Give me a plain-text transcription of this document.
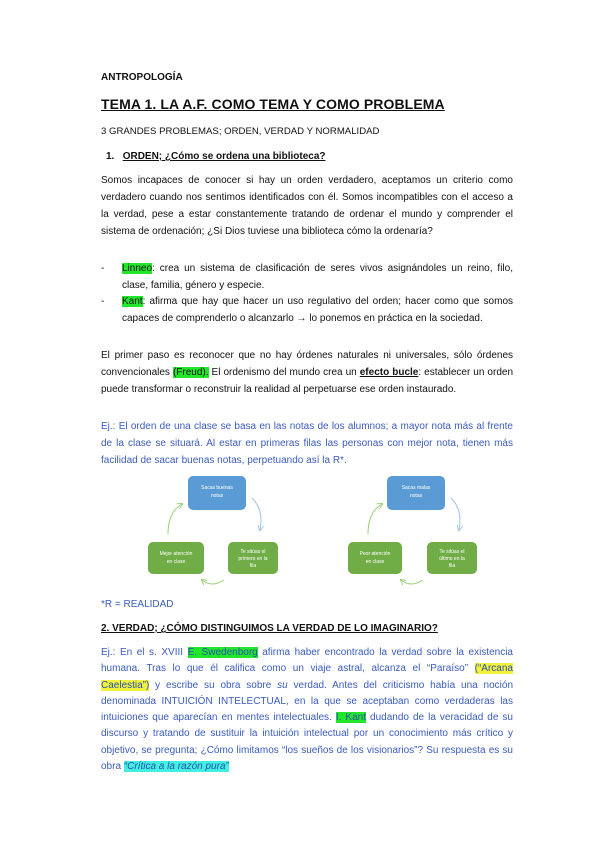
ANTROPOLOGÍA
TEMA 1. LA A.F. COMO TEMA Y COMO PROBLEMA
3 GRANDES PROBLEMAS; ORDEN, VERDAD Y NORMALIDAD
1. ORDEN; ¿Cómo se ordena una biblioteca?
Somos incapaces de conocer si hay un orden verdadero, aceptamos un criterio como verdadero cuando nos sentimos identificados con él. Somos incompatibles con el acceso a la verdad, pese a estar constantemente tratando de ordenar el mundo y comprender el sistema de ordenación; ¿Si Dios tuviese una biblioteca cómo la ordenaría?
- Linneo: crea un sistema de clasificación de seres vivos asignándoles un reino, filo, clase, familia, género y especie.
- Kant: afirma que hay que hacer un uso regulativo del orden; hacer como que somos capaces de comprenderlo o alcanzarlo → lo ponemos en práctica en la sociedad.
El primer paso es reconocer que no hay órdenes naturales ni universales, sólo órdenes convencionales (Freud). El ordenismo del mundo crea un efecto bucle: establecer un orden puede transformar o reconstruir la realidad al perpetuarse ese orden instaurado.
Ej.: El orden de una clase se basa en las notas de los alumnos; a mayor nota más al frente de la clase se situará. Al estar en primeras filas las personas con mejor nota, tienen más facilidad de sacar buenas notas, perpetuando así la R*.
Sacas buenas
notas
Te sitúas el
primero en la
fila
Mejor atención
en clase
Sacas malas
notas
Te sitúas el
último en la
fila
Peor atención
en clase
*R = REALIDAD
2. VERDAD; ¿CÓMO DISTINGUIMOS LA VERDAD DE LO IMAGINARIO?
Ej.: En el s. XVIII E. Swedenborg afirma haber encontrado la verdad sobre la existencia humana. Tras lo que él califica como un viaje astral, alcanza el “Paraíso” (“Arcana Caelestia”) y escribe su obra sobre su verdad. Antes del criticismo había una noción denominada INTUICIÓN INTELECTUAL, en la que se aceptaban como verdaderas las intuiciones que aparecían en mentes intelectuales. I. Kant dudando de la veracidad de su discurso y tratando de sustituir la intuición intelectual por un conocimiento más crítico y objetivo, se pregunta; ¿Cómo limitamos “los sueños de los visionarios”? Su respuesta es su obra “Crítica a la razón pura”
